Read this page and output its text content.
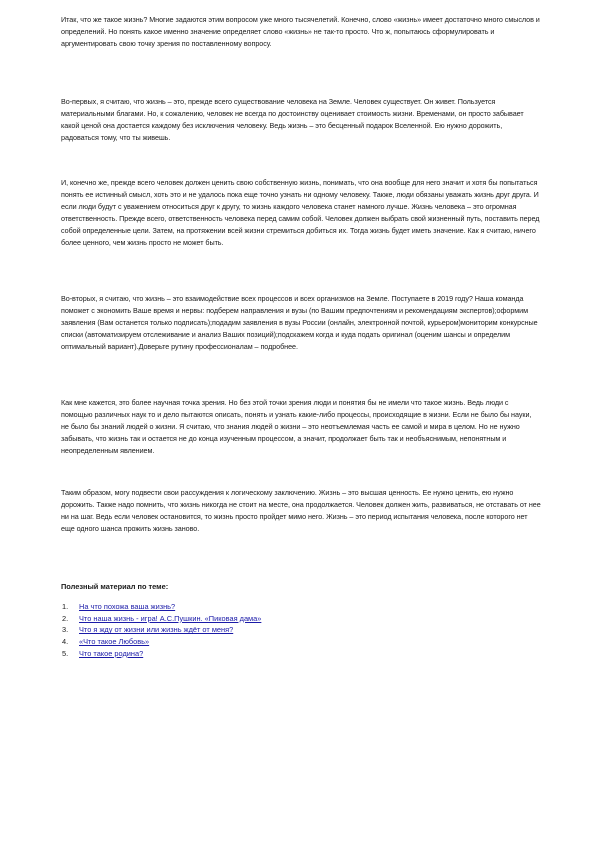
Итак, что же такое жизнь? Многие задаются этим вопросом уже много тысячелетий. Конечно, слово «жизнь» имеет достаточно много смыслов и определений. Но понять какое именно значение определяет слово «жизнь» не так-то просто. Что ж, попытаюсь сформулировать и аргументировать свою точку зрения по поставленному вопросу.

Во-первых, я считаю, что жизнь – это, прежде всего существование человека на Земле. Человек существует. Он живет. Пользуется материальными благами. Но, к сожалению, человек не всегда по достоинству оценивает стоимость жизни. Временами, он просто забывает какой ценой она достается каждому без исключения человеку. Ведь жизнь – это бесценный подарок Вселенной. Ею нужно дорожить, радоваться тому, что ты живешь.

И, конечно же, прежде всего человек должен ценить свою собственную жизнь, понимать, что она вообще для него значит и хотя бы попытаться понять ее истинный смысл, хоть это и не удалось пока еще точно узнать ни одному человеку. Также, люди обязаны уважать жизнь друг друга. И если люди будут с уважением относиться друг к другу, то жизнь каждого человека станет намного лучше. Жизнь человека – это огромная ответственность. Прежде всего, ответственность человека перед самим собой. Человек должен выбрать свой жизненный путь, поставить перед собой определенные цели. Затем, на протяжении всей жизни стремиться добиться их. Тогда жизнь будет иметь значение. Как я считаю, ничего более ценного, чем жизнь просто не может быть.

Во-вторых, я считаю, что жизнь – это взаимодействие всех процессов и всех организмов на Земле. Поступаете в 2019 году? Наша команда поможет с экономить Ваше время и нервы: подберем направления и вузы (по Вашим предпочтениям и рекомендациям экспертов);оформим заявления (Вам останется только подписать);подадим заявления в вузы России (онлайн, электронной почтой, курьером)мониторим конкурсные списки (автоматизируем отслеживание и анализ Ваших позиций);подскажем когда и куда подать оригинал (оценим шансы и определим оптимальный вариант).Доверьте рутину профессионалам – подробнее.

Как мне кажется, это более научная точка зрения. Но без этой точки зрения люди и понятия бы не имели что такое жизнь. Ведь люди с помощью различных наук то и дело пытаются описать, понять и узнать какие-либо процессы, происходящие в жизни. Если не было бы науки, не было бы знаний людей о жизни. Я считаю, что знания людей о жизни – это неотъемлемая часть ее самой и мира в целом. Но не нужно забывать, что жизнь так и остается не до конца изученным процессом, а значит, продолжает быть так и необъяснимым, непонятным и неопределенным явлением.

Таким образом, могу подвести свои рассуждения к логическому заключению. Жизнь – это высшая ценность. Ее нужно ценить, ею нужно дорожить. Также надо помнить, что жизнь никогда не стоит на месте, она продолжается. Человек должен жить, развиваться, не отставать от нее ни на шаг. Ведь если человек остановится, то жизнь просто пройдет мимо него. Жизнь – это период испытания человека, после которого нет еще одного шанса прожить жизнь заново.

Полезный материал по теме:

1.	На что похожа ваша жизнь?
2.	Что наша жизнь - игра! А.С.Пушкин. «Пиковая дама»
3.	Что я жду от жизни или жизнь ждёт от меня?
4.	«Что такое Любовь»
5.	Что такое родина?
